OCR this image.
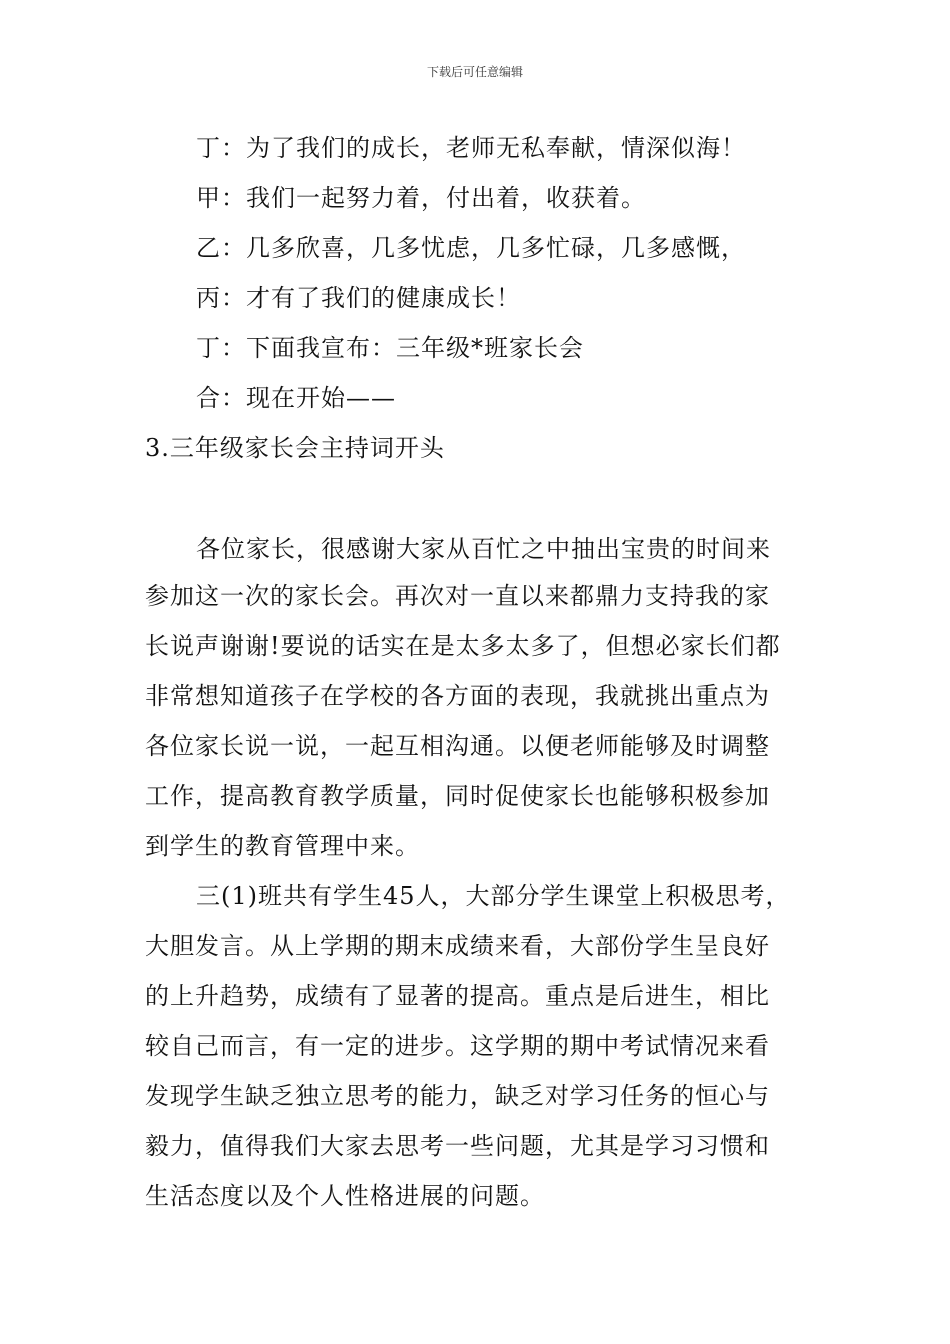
下载后可任意编辑
丁：为了我们的成长，老师无私奉献，情深似海！
甲：我们一起努力着，付出着，收获着。
乙：几多欣喜，几多忧虑，几多忙碌，几多感慨，
丙：才有了我们的健康成长！
丁：下面我宣布：三年级*班家长会
合：现在开始——
3.三年级家长会主持词开头
各位家长，很感谢大家从百忙之中抽出宝贵的时间来
参加这一次的家长会。再次对一直以来都鼎力支持我的家
长说声谢谢!要说的话实在是太多太多了，但想必家长们都
非常想知道孩子在学校的各方面的表现，我就挑出重点为
各位家长说一说，一起互相沟通。以便老师能够及时调整
工作，提高教育教学质量，同时促使家长也能够积极参加
到学生的教育管理中来。
三(1)班共有学生45人，大部分学生课堂上积极思考，
大胆发言。从上学期的期末成绩来看，大部份学生呈良好
的上升趋势，成绩有了显著的提高。重点是后进生，相比
较自己而言，有一定的进步。这学期的期中考试情况来看
发现学生缺乏独立思考的能力，缺乏对学习任务的恒心与
毅力，值得我们大家去思考一些问题，尤其是学习习惯和
生活态度以及个人性格进展的问题。
